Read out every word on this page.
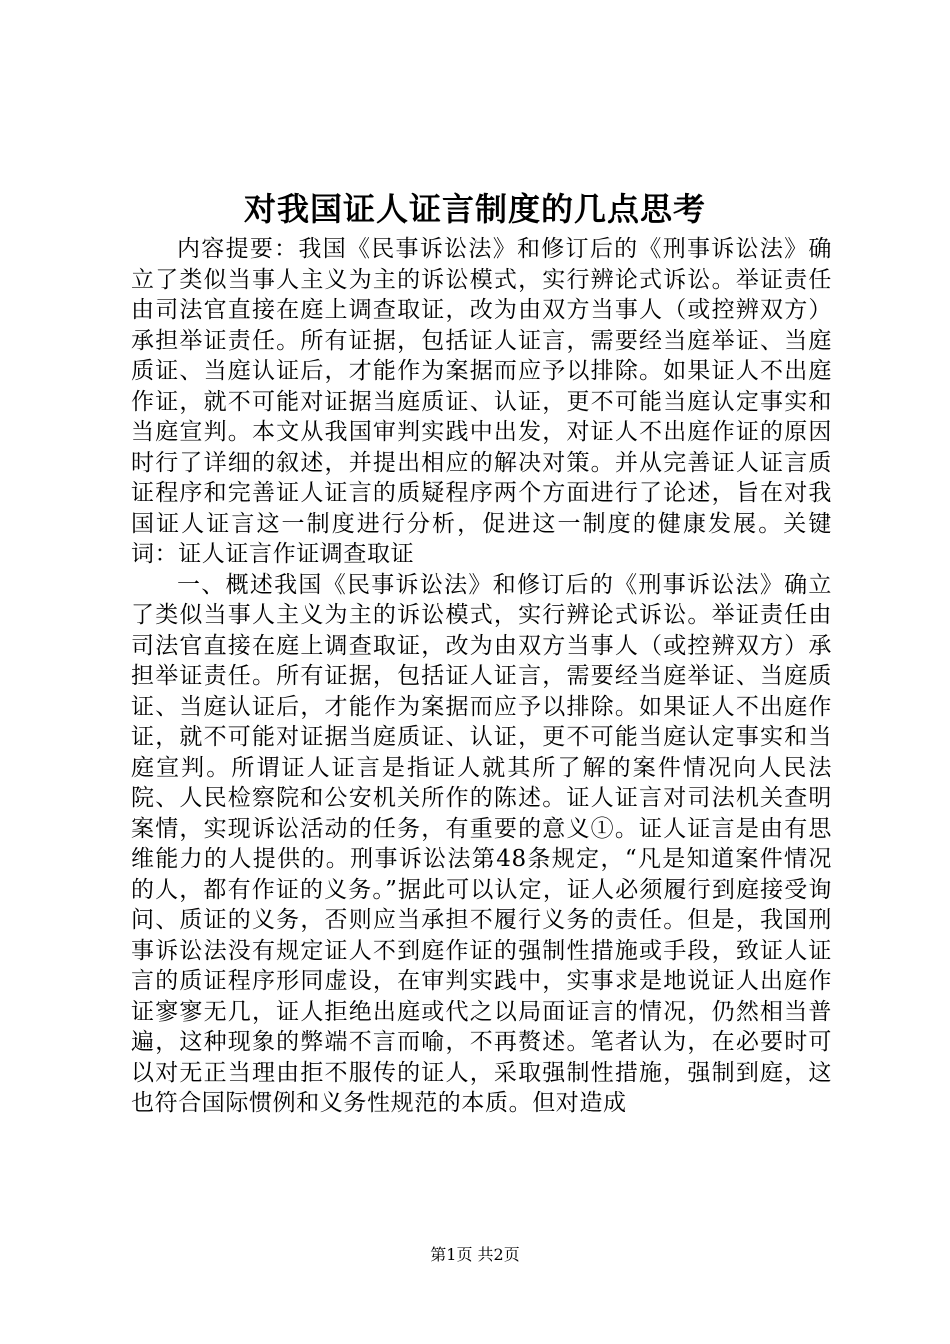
对我国证人证言制度的几点思考

内容提要：我国《民事诉讼法》和修订后的《刑事诉讼法》确立了类似当事人主义为主的诉讼模式，实行辨论式诉讼。举证责任由司法官直接在庭上调查取证，改为由双方当事人（或控辨双方）承担举证责任。所有证据，包括证人证言，需要经当庭举证、当庭质证、当庭认证后，才能作为案据而应予以排除。如果证人不出庭作证，就不可能对证据当庭质证、认证，更不可能当庭认定事实和当庭宣判。本文从我国审判实践中出发，对证人不出庭作证的原因时行了详细的叙述，并提出相应的解决对策。并从完善证人证言质证程序和完善证人证言的质疑程序两个方面进行了论述，旨在对我国证人证言这一制度进行分析，促进这一制度的健康发展。关键词：证人证言作证调查取证

一、概述我国《民事诉讼法》和修订后的《刑事诉讼法》确立了类似当事人主义为主的诉讼模式，实行辨论式诉讼。举证责任由司法官直接在庭上调查取证，改为由双方当事人（或控辨双方）承担举证责任。所有证据，包括证人证言，需要经当庭举证、当庭质证、当庭认证后，才能作为案据而应予以排除。如果证人不出庭作证，就不可能对证据当庭质证、认证，更不可能当庭认定事实和当庭宣判。所谓证人证言是指证人就其所了解的案件情况向人民法院、人民检察院和公安机关所作的陈述。证人证言对司法机关查明案情，实现诉讼活动的任务，有重要的意义①。证人证言是由有思维能力的人提供的。刑事诉讼法第48条规定，“凡是知道案件情况的人，都有作证的义务。”据此可以认定，证人必须履行到庭接受询问、质证的义务，否则应当承担不履行义务的责任。但是，我国刑事诉讼法没有规定证人不到庭作证的强制性措施或手段，致证人证言的质证程序形同虚设，在审判实践中，实事求是地说证人出庭作证寥寥无几，证人拒绝出庭或代之以局面证言的情况，仍然相当普遍，这种现象的弊端不言而喻，不再赘述。笔者认为，在必要时可以对无正当理由拒不服传的证人，采取强制性措施，强制到庭，这也符合国际惯例和义务性规范的本质。但对造成

第1页 共2页
